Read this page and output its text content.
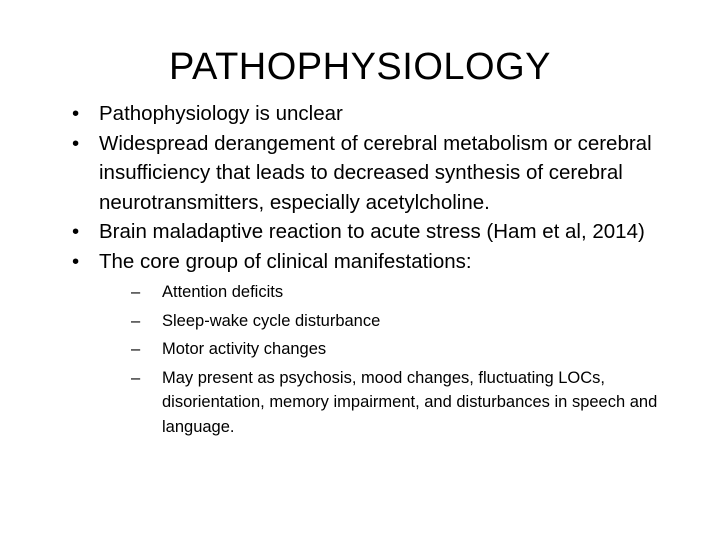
PATHOPHYSIOLOGY
• Pathophysiology is unclear
• Widespread derangement of cerebral metabolism or cerebral insufficiency that leads to decreased synthesis of cerebral neurotransmitters, especially acetylcholine.
• Brain maladaptive reaction to acute stress (Ham et al, 2014)
• The core group of clinical manifestations:
–	Attention deficits
–	Sleep-wake cycle disturbance
–	Motor activity changes
–	May present as psychosis, mood changes, fluctuating LOCs, disorientation, memory impairment, and disturbances in speech and language.
